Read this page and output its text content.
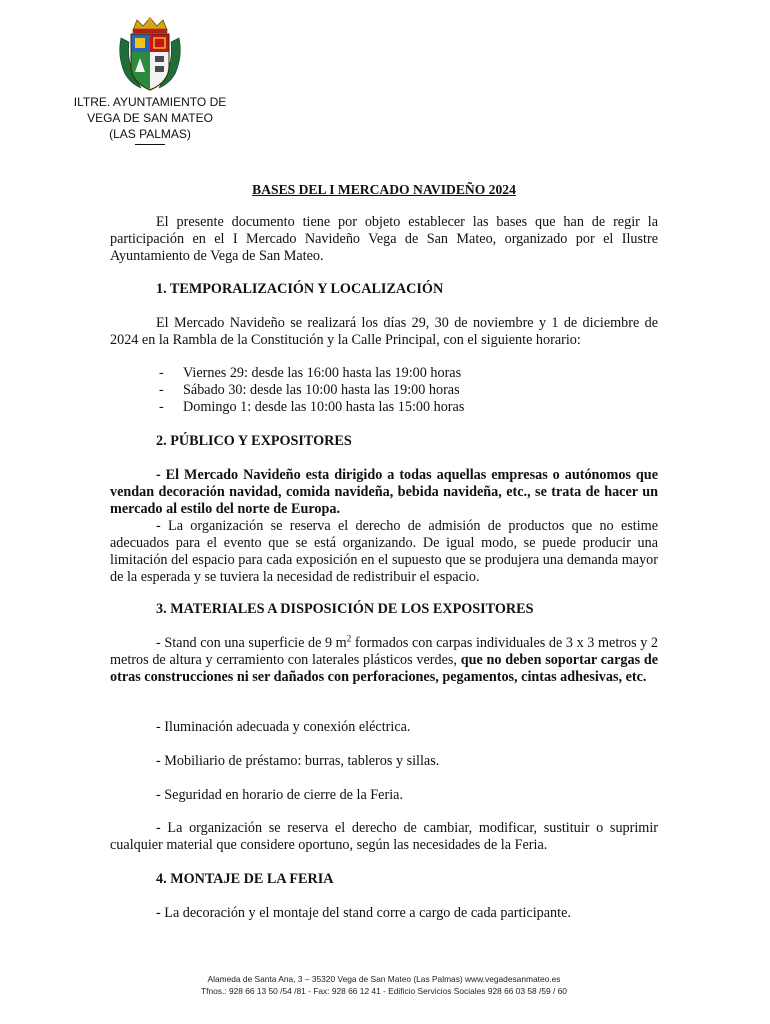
ILTRE. AYUNTAMIENTO DE
VEGA DE SAN MATEO
(LAS PALMAS)
BASES DEL I MERCADO NAVIDEÑO 2024
El presente documento tiene por objeto establecer las bases que han de regir la participación en el I Mercado Navideño Vega de San Mateo, organizado por el Ilustre Ayuntamiento de Vega de San Mateo.
1. TEMPORALIZACIÓN Y LOCALIZACIÓN
El Mercado Navideño se realizará los días 29, 30 de noviembre y 1 de diciembre de 2024 en la Rambla de la Constitución y la Calle Principal, con el siguiente horario:
- Viernes 29: desde las 16:00 hasta las 19:00 horas
- Sábado 30: desde las 10:00 hasta las 19:00 horas
- Domingo 1: desde las 10:00 hasta las 15:00 horas
2. PÚBLICO Y EXPOSITORES
- El Mercado Navideño esta dirigido a todas aquellas empresas o autónomos que vendan decoración navidad, comida navideña, bebida navideña, etc., se trata de hacer un mercado al estilo del norte de Europa.
- La organización se reserva el derecho de admisión de productos que no estime adecuados para el evento que se está organizando. De igual modo, se puede producir una limitación del espacio para cada exposición en el supuesto que se produjera una demanda mayor de la esperada y se tuviera la necesidad de redistribuir el espacio.
3. MATERIALES A DISPOSICIÓN DE LOS EXPOSITORES
- Stand con una superficie de 9 $m^2$ formados con carpas individuales de 3 x 3 metros y 2 metros de altura y cerramiento con laterales plásticos verdes, que no deben soportar cargas de otras construcciones ni ser dañados con perforaciones, pegamentos, cintas adhesivas, etc.
- Iluminación adecuada y conexión eléctrica.
- Mobiliario de préstamo: burras, tableros y sillas.
- Seguridad en horario de cierre de la Feria.
- La organización se reserva el derecho de cambiar, modificar, sustituir o suprimir cualquier material que considere oportuno, según las necesidades de la Feria.
4. MONTAJE DE LA FERIA
- La decoración y el montaje del stand corre a cargo de cada participante.
Alameda de Santa Ana, 3 – 35320 Vega de San Mateo (Las Palmas) www.vegadesanmateo.es
Tfnos.: 928 66 13 50 /54 /81 - Fax: 928 66 12 41 - Edificio Servicios Sociales 928 66 03 58 /59 / 60
